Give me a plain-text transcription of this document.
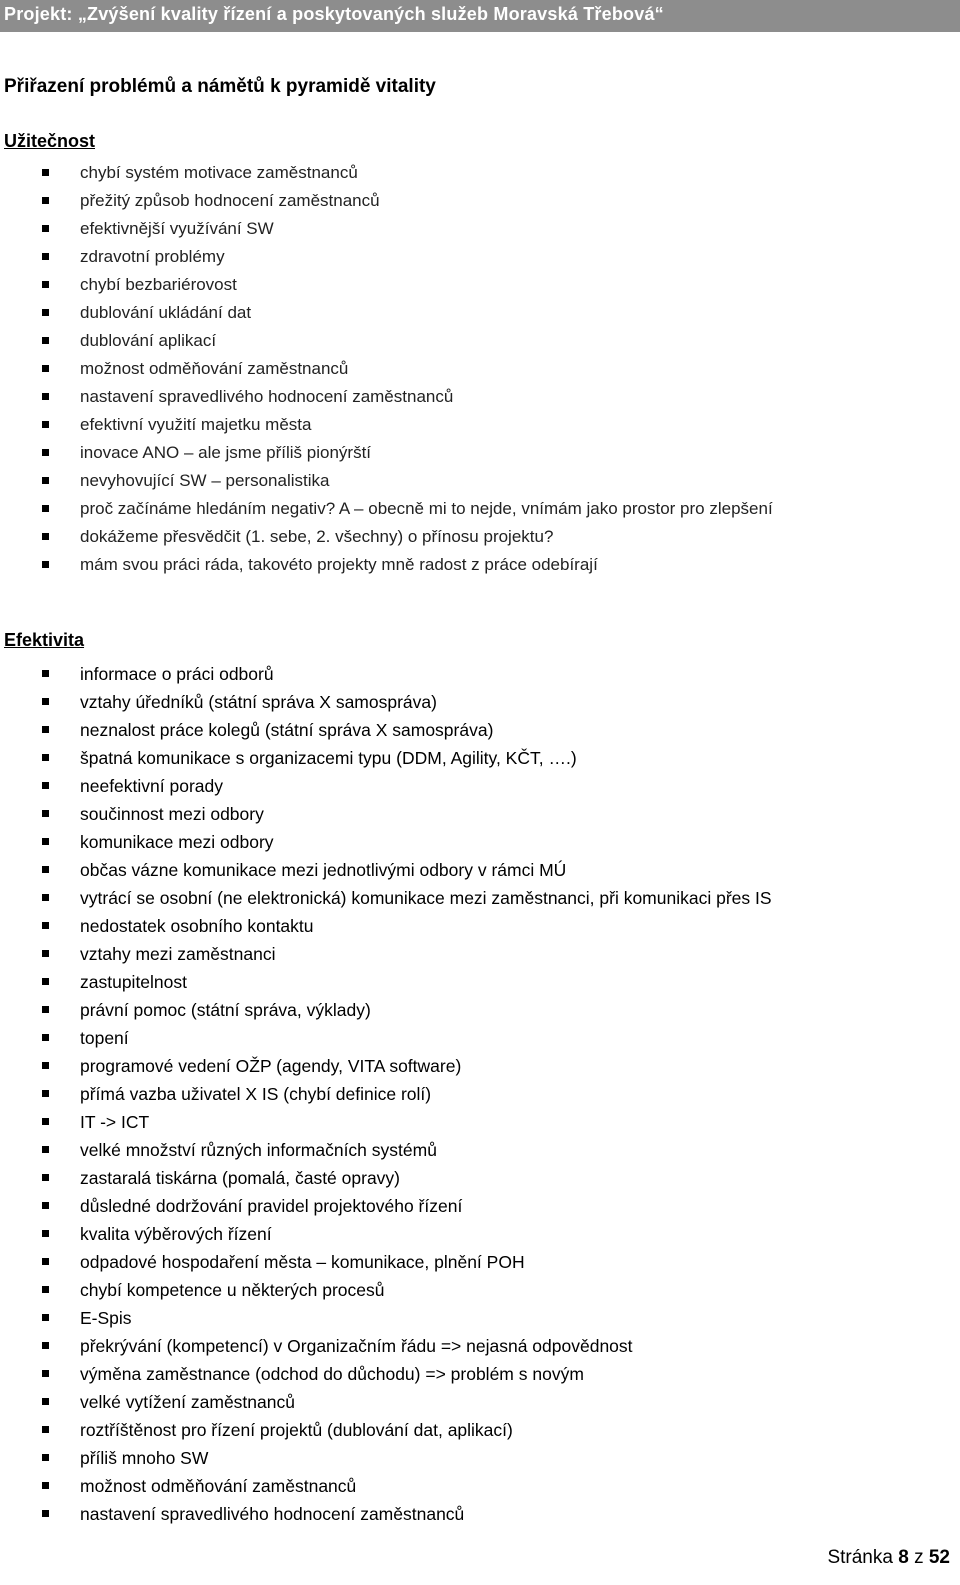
Projekt: „Zvýšení kvality řízení a poskytovaných služeb Moravská Třebová“
Přiřazení problémů a námětů k pyramidě vitality
Užitečnost
chybí systém motivace zaměstnanců
přežitý způsob hodnocení zaměstnanců
efektivnější využívání SW
zdravotní problémy
chybí bezbariérovost
dublování ukládání dat
dublování aplikací
možnost odměňování zaměstnanců
nastavení spravedlivého hodnocení zaměstnanců
efektivní využití majetku města
inovace ANO – ale jsme příliš pionýrští
nevyhovující SW – personalistika
proč začínáme hledáním negativ? A – obecně mi to nejde, vnímám jako prostor pro zlepšení
dokážeme přesvědčit (1. sebe, 2. všechny) o přínosu projektu?
mám svou práci ráda, takovéto projekty mně radost z práce odebírají
Efektivita
informace o práci odborů
vztahy úředníků (státní správa X samospráva)
neznalost práce kolegů (státní správa X samospráva)
špatná komunikace s organizacemi typu (DDM, Agility, KČT, ….)
neefektivní porady
součinnost mezi odbory
komunikace mezi odbory
občas vázne komunikace mezi jednotlivými odbory v rámci MÚ
vytrácí se osobní (ne elektronická) komunikace mezi zaměstnanci, při komunikaci přes IS
nedostatek osobního kontaktu
vztahy mezi zaměstnanci
zastupitelnost
právní pomoc (státní správa, výklady)
topení
programové vedení OŽP (agendy, VITA software)
přímá vazba uživatel X IS (chybí definice rolí)
IT -> ICT
velké množství různých informačních systémů
zastaralá tiskárna (pomalá, časté opravy)
důsledné dodržování pravidel projektového řízení
kvalita výběrových řízení
odpadové hospodaření města – komunikace, plnění POH
chybí kompetence u některých procesů
E-Spis
překrývání (kompetencí) v Organizačním řádu => nejasná odpovědnost
výměna zaměstnance (odchod do důchodu) => problém s novým
velké vytížení zaměstnanců
roztříštěnost pro řízení projektů (dublování dat, aplikací)
příliš mnoho SW
možnost odměňování zaměstnanců
nastavení spravedlivého hodnocení zaměstnanců
Stránka 8 z 52
